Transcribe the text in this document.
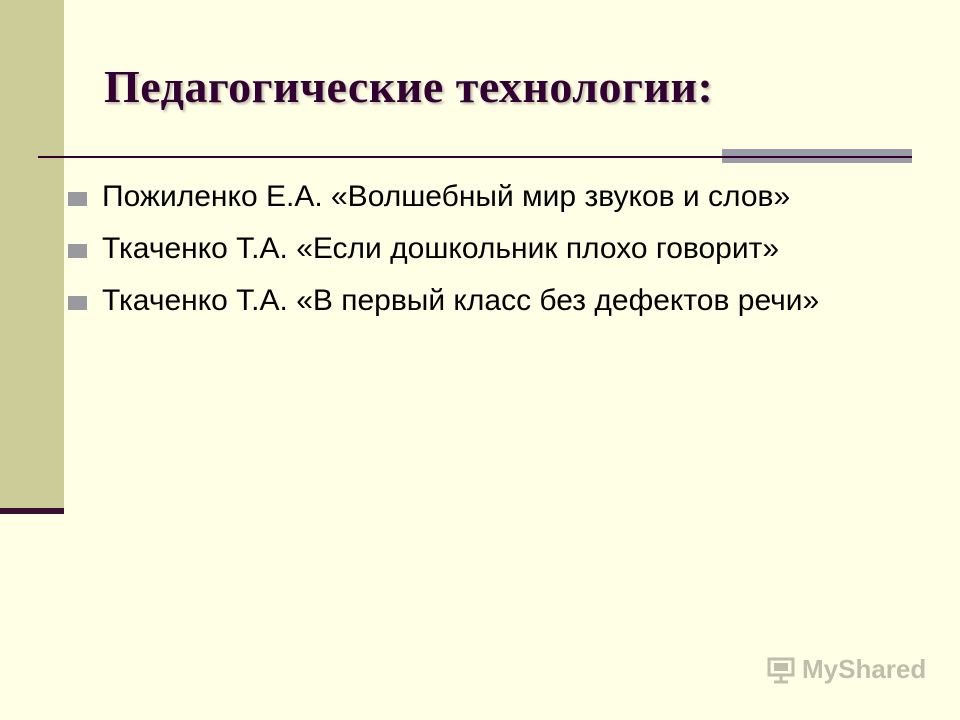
Педагогические технологии:
Пожиленко Е.А. «Волшебный мир звуков и слов»
Ткаченко Т.А. «Если дошкольник плохо говорит»
Ткаченко Т.А. «В первый класс без дефектов речи»
MyShared
